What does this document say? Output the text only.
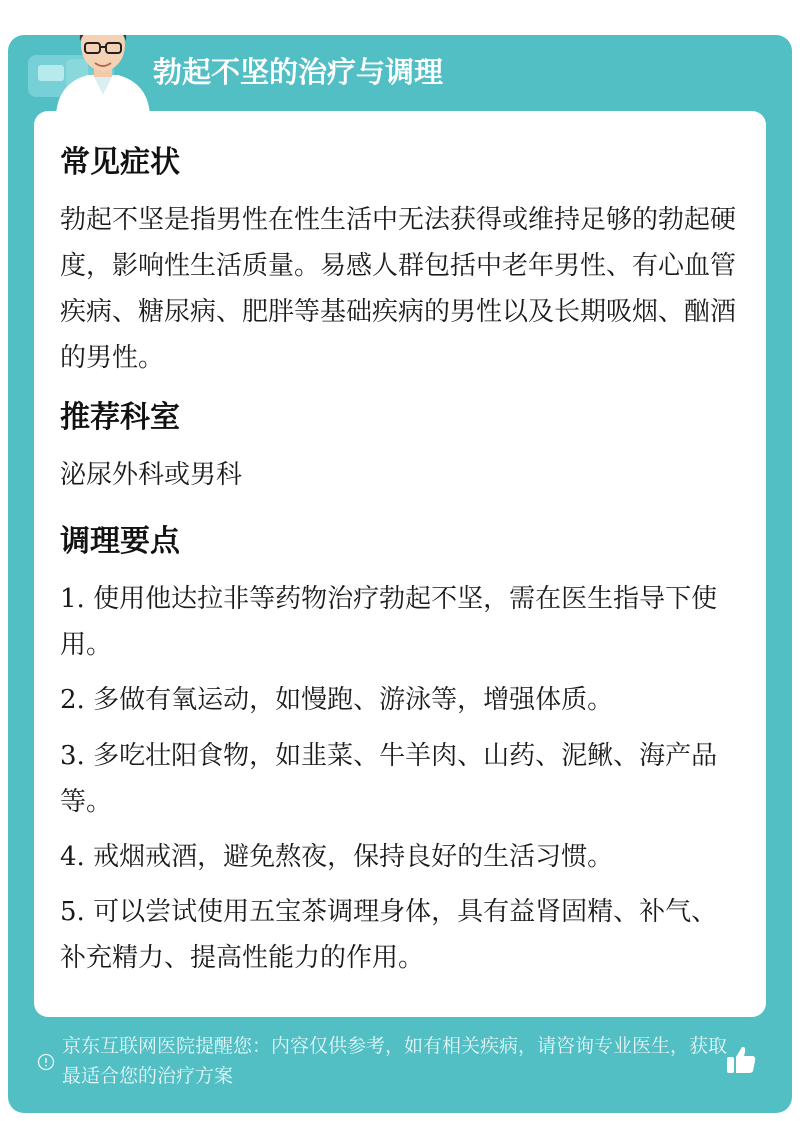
勃起不坚的治疗与调理
常见症状
勃起不坚是指男性在性生活中无法获得或维持足够的勃起硬度，影响性生活质量。易感人群包括中老年男性、有心血管疾病、糖尿病、肥胖等基础疾病的男性以及长期吸烟、酗酒的男性。
推荐科室
泌尿外科或男科
调理要点
1. 使用他达拉非等药物治疗勃起不坚，需在医生指导下使用。
2. 多做有氧运动，如慢跑、游泳等，增强体质。
3. 多吃壮阳食物，如韭菜、牛羊肉、山药、泥鳅、海产品等。
4. 戒烟戒酒，避免熬夜，保持良好的生活习惯。
5. 可以尝试使用五宝茶调理身体，具有益肾固精、补气、补充精力、提高性能力的作用。
京东互联网医院提醒您：内容仅供参考，如有相关疾病，请咨询专业医生，获取最适合您的治疗方案
